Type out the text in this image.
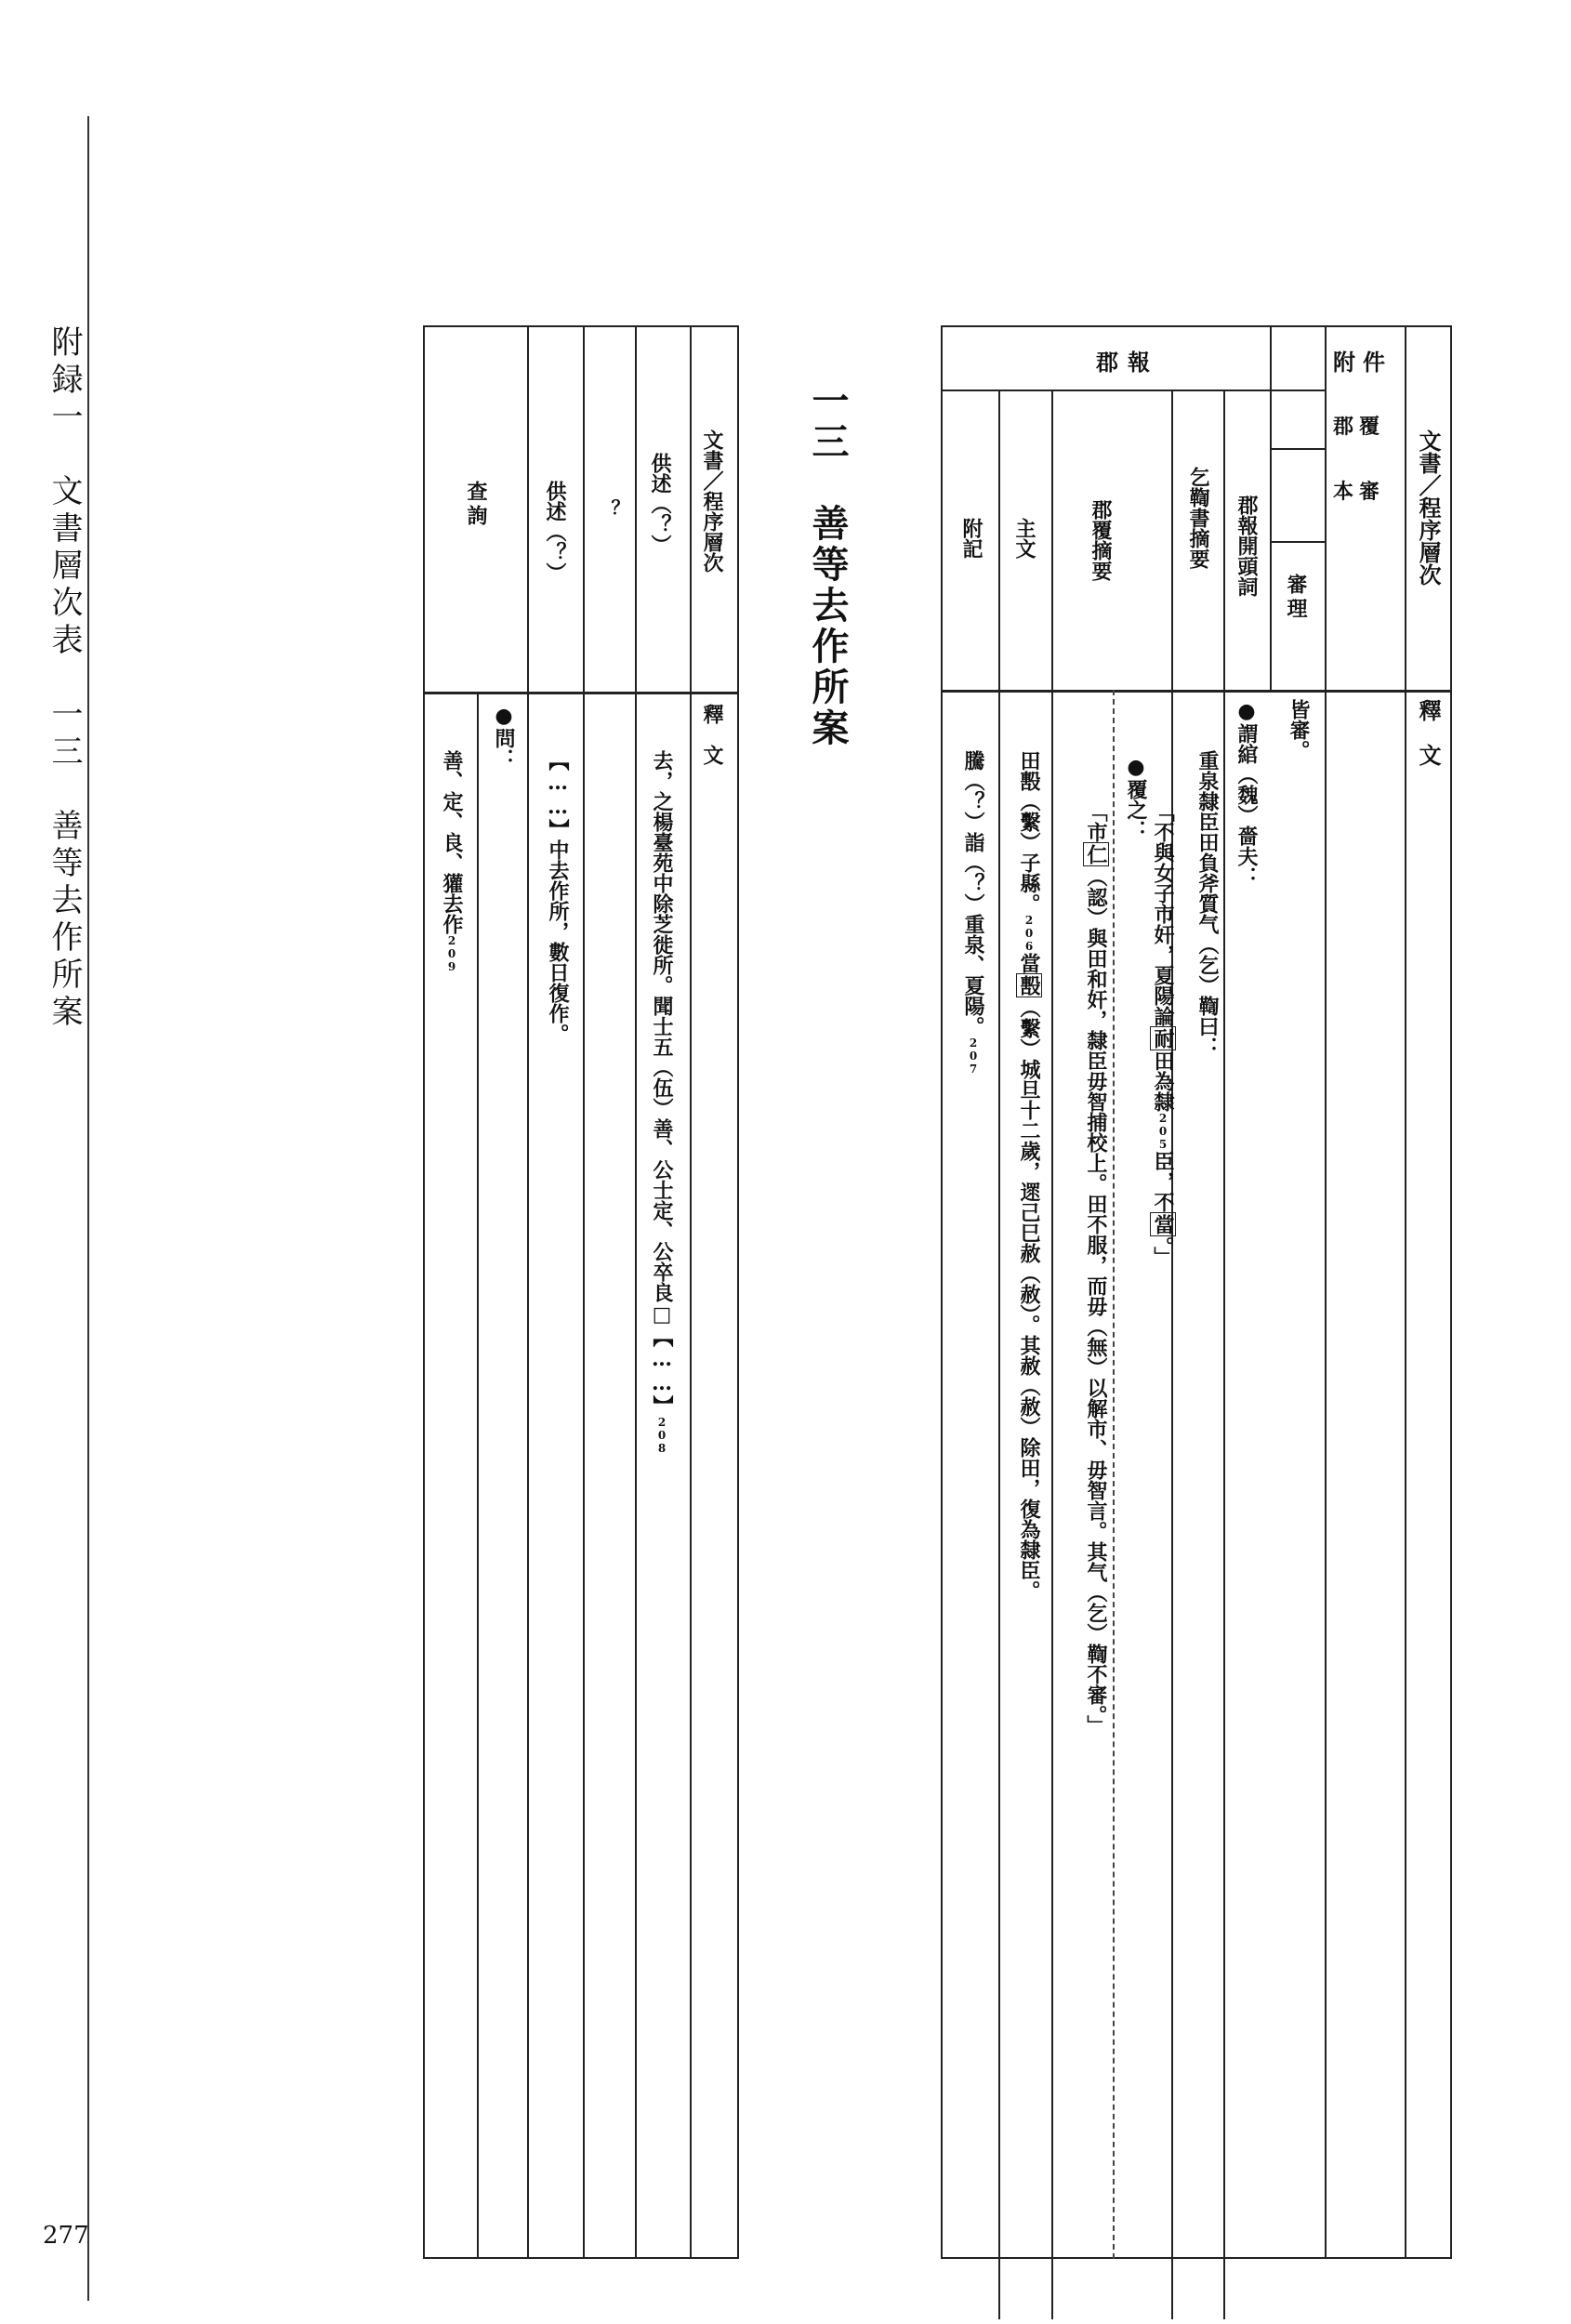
附録一　文書層次表　一三　善等去作所案
277
一三　善等去作所案	文書／程序層次
釋　文
附件
郡報
郡覆
本審
審理
皆審。
郡報開頭詞
●謂綰（魏）嗇夫：
乞鞫書摘要
重泉隸臣田負斧質气（乞）鞫曰：
「不與女子市奸，夏陽論耐田為隸205臣，不當。」
郡覆摘要
●覆之：
「市仁（認）與田和奸，隸臣毋智捕校上。田不服，而毋（無）以解市、毋智言。其气（乞）鞫不審。」
主文
田毄（繫）子縣。206當毄（繫）城旦十二歲，遝己巳赦（赦）。其赦（赦）除田，復為隸臣。
附記
騰（？）詣（？）重泉、夏陽。207
文書／程序層次
釋　文
供述（？）
去，之楊臺苑中除芝徙所。聞士五（伍）善、公士定、公卒良□【……】208
？
供述（？）
【……】中去作所，數日復作。
●問：
查詢
善、定、良、獾去作209
